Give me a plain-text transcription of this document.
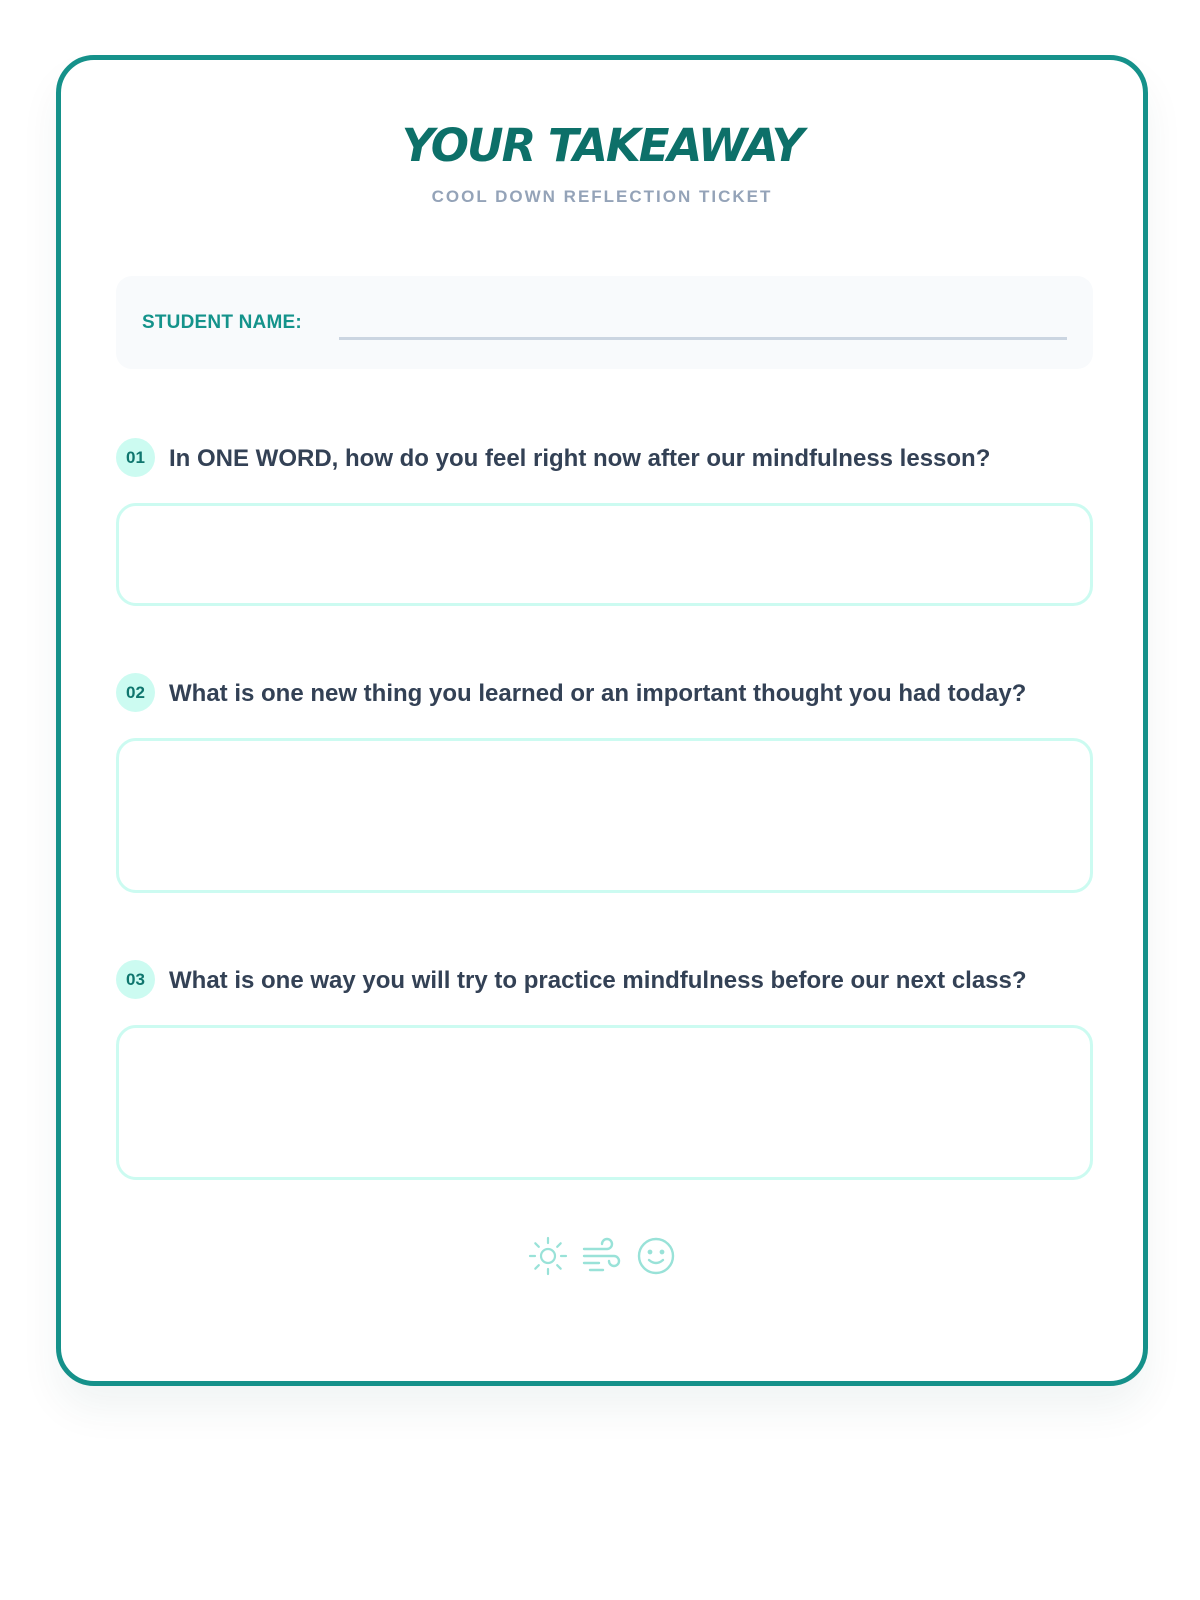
YOUR TAKEAWAY
COOL DOWN REFLECTION TICKET
STUDENT NAME:
01	In ONE WORD, how do you feel right now after our mindfulness lesson?
02	What is one new thing you learned or an important thought you had today?
03	What is one way you will try to practice mindfulness before our next class?
